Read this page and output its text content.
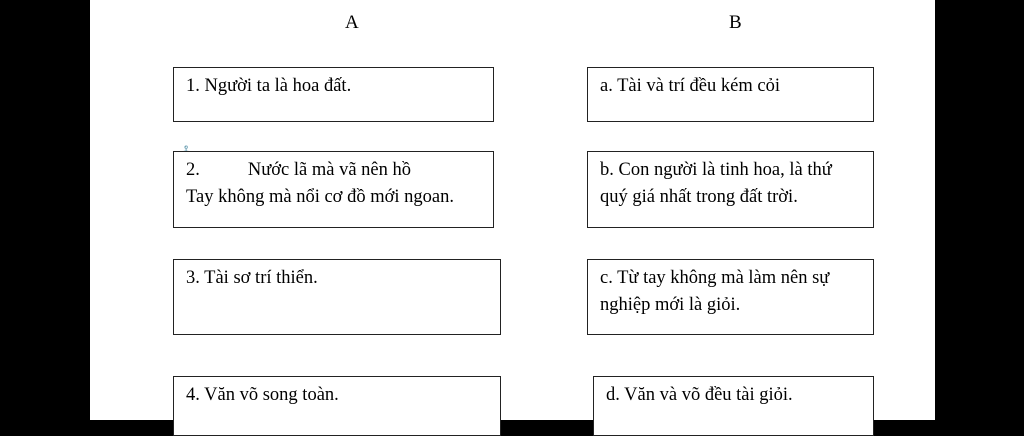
A	B
1. Người ta là hoa đất.
2.	Nước lã mà vã nên hồ
Tay không mà nổi cơ đồ mới ngoan.
3. Tài sơ trí thiển.
4. Văn võ song toàn.
a. Tài và trí đều kém cỏi
b. Con người là tinh hoa, là thứ
quý giá nhất trong đất trời.
c. Từ tay không mà làm nên sự
nghiệp mới là giỏi.
d. Văn và võ đều tài giỏi.
